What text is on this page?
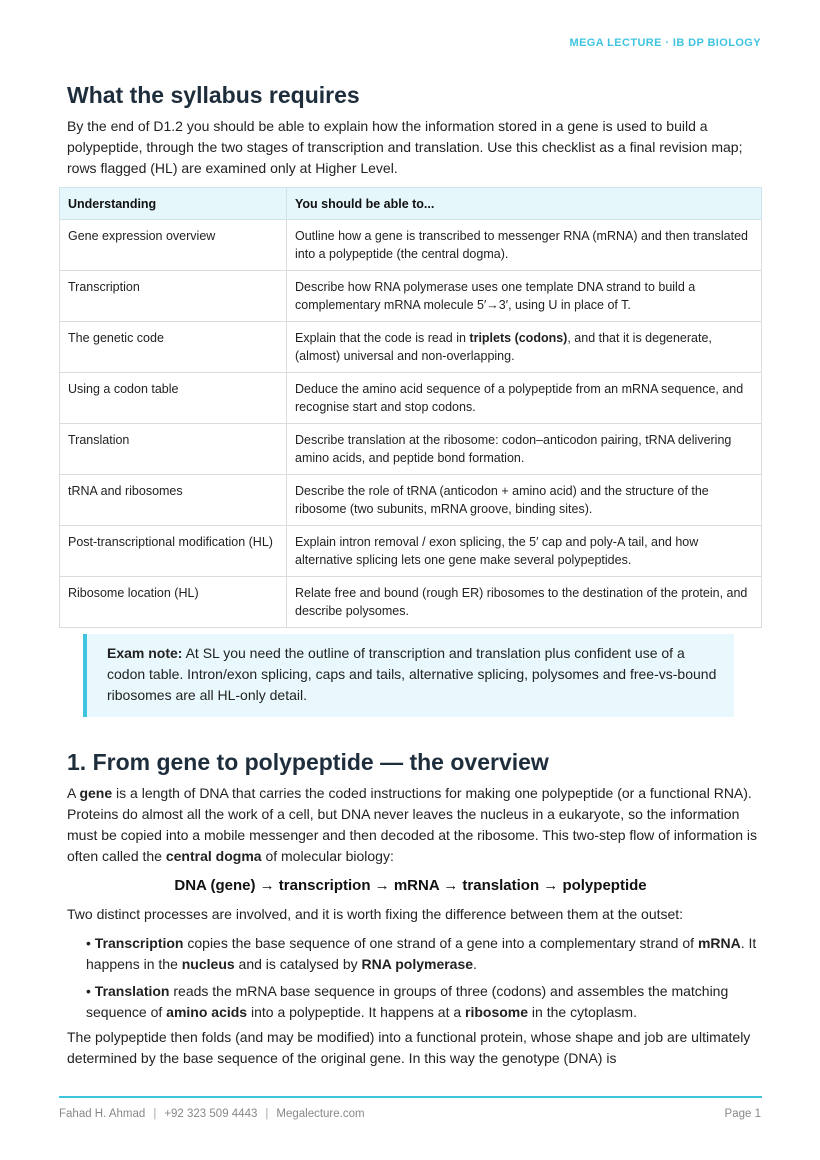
MEGA LECTURE · IB DP BIOLOGY
What the syllabus requires

By the end of D1.2 you should be able to explain how the information stored in a gene is used to build a polypeptide, through the two stages of transcription and translation. Use this checklist as a final revision map; rows flagged (HL) are examined only at Higher Level.

Understanding	You should be able to...
Gene expression overview	Outline how a gene is transcribed to messenger RNA (mRNA) and then translated into a polypeptide (the central dogma).
Transcription	Describe how RNA polymerase uses one template DNA strand to build a complementary mRNA molecule 5′→3′, using U in place of T.
The genetic code	Explain that the code is read in triplets (codons), and that it is degenerate, (almost) universal and non-overlapping.
Using a codon table	Deduce the amino acid sequence of a polypeptide from an mRNA sequence, and recognise start and stop codons.
Translation	Describe translation at the ribosome: codon–anticodon pairing, tRNA delivering amino acids, and peptide bond formation.
tRNA and ribosomes	Describe the role of tRNA (anticodon + amino acid) and the structure of the ribosome (two subunits, mRNA groove, binding sites).
Post-transcriptional modification (HL)	Explain intron removal / exon splicing, the 5′ cap and poly-A tail, and how alternative splicing lets one gene make several polypeptides.
Ribosome location (HL)	Relate free and bound (rough ER) ribosomes to the destination of the protein, and describe polysomes.
Exam note: At SL you need the outline of transcription and translation plus confident use of a codon table. Intron/exon splicing, caps and tails, alternative splicing, polysomes and free-vs-bound ribosomes are all HL-only detail.
1. From gene to polypeptide — the overview

A gene is a length of DNA that carries the coded instructions for making one polypeptide (or a functional RNA). Proteins do almost all the work of a cell, but DNA never leaves the nucleus in a eukaryote, so the information must be copied into a mobile messenger and then decoded at the ribosome. This two-step flow of information is often called the central dogma of molecular biology:

DNA (gene) → transcription → mRNA → translation → polypeptide

Two distinct processes are involved, and it is worth fixing the difference between them at the outset:

• Transcription copies the base sequence of one strand of a gene into a complementary strand of mRNA. It happens in the nucleus and is catalysed by RNA polymerase.
• Translation reads the mRNA base sequence in groups of three (codons) and assembles the matching sequence of amino acids into a polypeptide. It happens at a ribosome in the cytoplasm.

The polypeptide then folds (and may be modified) into a functional protein, whose shape and job are ultimately determined by the base sequence of the original gene. In this way the genotype (DNA) is

Fahad H. Ahmad | +92 323 509 4443 | Megalecture.com	Page 1
